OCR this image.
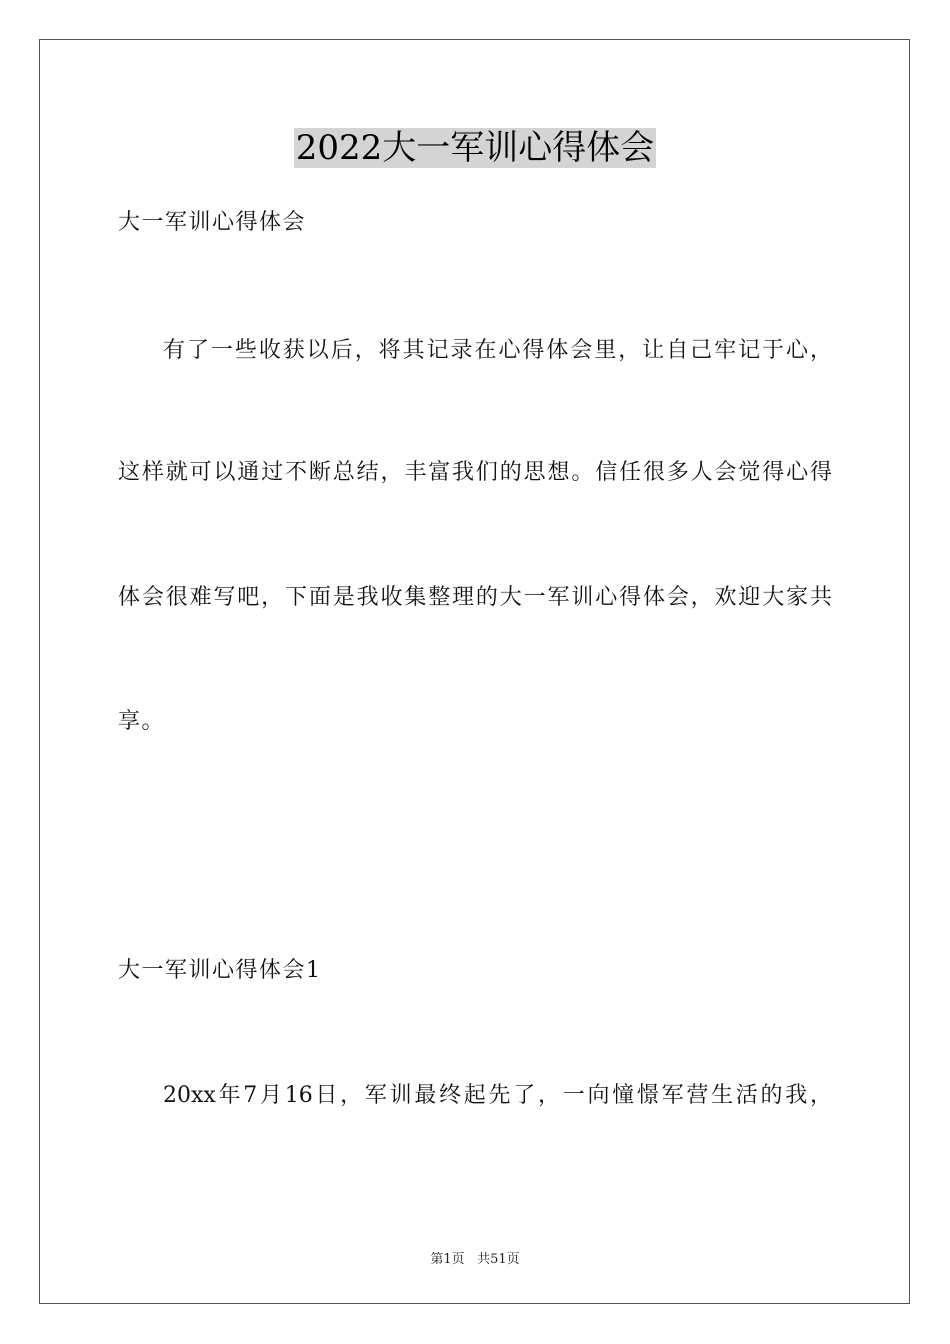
2022大一军训心得体会
大一军训心得体会
有了一些收获以后，将其记录在心得体会里，让自己牢记于心，
这样就可以通过不断总结，丰富我们的思想。信任很多人会觉得心得
体会很难写吧，下面是我收集整理的大一军训心得体会，欢迎大家共
享。
大一军训心得体会1
20xx年7月16日，军训最终起先了，一向憧憬军营生活的我，
第1页 共51页
